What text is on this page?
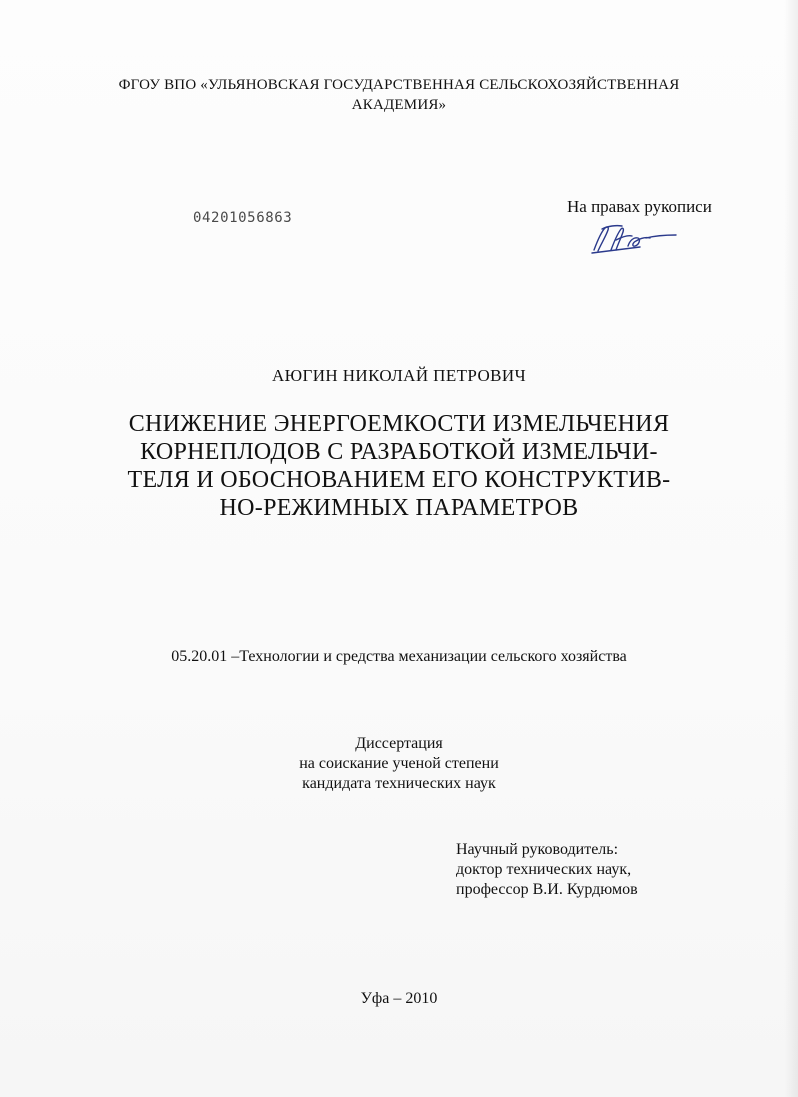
ФГОУ ВПО «УЛЬЯНОВСКАЯ ГОСУДАРСТВЕННАЯ СЕЛЬСКОХОЗЯЙСТВЕННАЯ
АКАДЕМИЯ»
04201056863
На правах рукописи
АЮГИН НИКОЛАЙ ПЕТРОВИЧ
СНИЖЕНИЕ ЭНЕРГОЕМКОСТИ ИЗМЕЛЬЧЕНИЯ
КОРНЕПЛОДОВ С РАЗРАБОТКОЙ ИЗМЕЛЬЧИ-
ТЕЛЯ И ОБОСНОВАНИЕМ ЕГО КОНСТРУКТИВ-
НО-РЕЖИМНЫХ ПАРАМЕТРОВ
05.20.01 –Технологии и средства механизации сельского хозяйства
Диссертация
на соискание ученой степени
кандидата технических наук
Научный руководитель:
доктор технических наук,
профессор В.И. Курдюмов
Уфа – 2010
